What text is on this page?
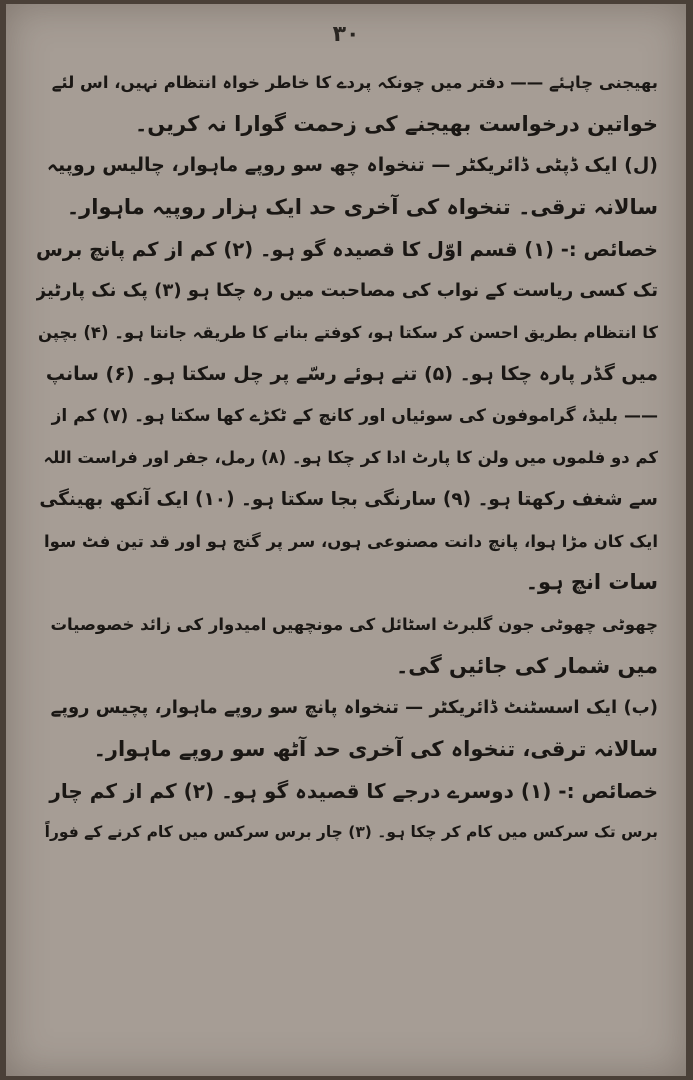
۳۰
بھیجنی چاہئے —— دفتر میں چونکہ پردے کا خاطر خواہ انتظام نہیں، اس لئے
خواتین درخواست بھیجنے کی زحمت گوارا نہ کریں۔
(ل) ایک ڈپٹی ڈائریکٹر — تنخواہ چھ سو روپے ماہوار، چالیس روپیہ
سالانہ ترقی۔ تنخواہ کی آخری حد ایک ہزار روپیہ ماہوار۔
خصائص :- (۱) قسم اوّل کا قصیدہ گو ہو۔ (۲) کم از کم پانچ برس
تک کسی ریاست کے نواب کی مصاحبت میں رہ چکا ہو (۳) پک نک پارٹیز
کا انتظام بطریق احسن کر سکتا ہو، کوفتے بنانے کا طریقہ جانتا ہو۔ (۴) بچپن
میں گڈر پارہ چکا ہو۔ (۵) تنے ہوئے رسّے پر چل سکتا ہو۔ (۶) سانپ
—— بلیڈ، گراموفون کی سوئیاں اور کانچ کے ٹکڑے کھا سکتا ہو۔ (۷) کم از
کم دو فلموں میں ولن کا پارٹ ادا کر چکا ہو۔ (۸) رمل، جفر اور فراست اللہ
سے شغف رکھتا ہو۔ (۹) سارنگی بجا سکتا ہو۔ (۱۰) ایک آنکھ بھینگی
ایک کان مڑا ہوا، پانچ دانت مصنوعی ہوں، سر پر گنج ہو اور قد تین فٹ سوا
سات انچ ہو۔
چھوٹی چھوٹی جون گلبرٹ اسٹائل کی مونچھیں امیدوار کی زائد خصوصیات
میں شمار کی جائیں گی۔
(ب) ایک اسسٹنٹ ڈائریکٹر — تنخواہ پانچ سو روپے ماہوار، پچیس روپے
سالانہ ترقی، تنخواہ کی آخری حد آٹھ سو روپے ماہوار۔
خصائص :- (۱) دوسرے درجے کا قصیدہ گو ہو۔ (۲) کم از کم چار
برس تک سرکس میں کام کر چکا ہو۔ (۳) چار برس سرکس میں کام کرنے کے فوراً
